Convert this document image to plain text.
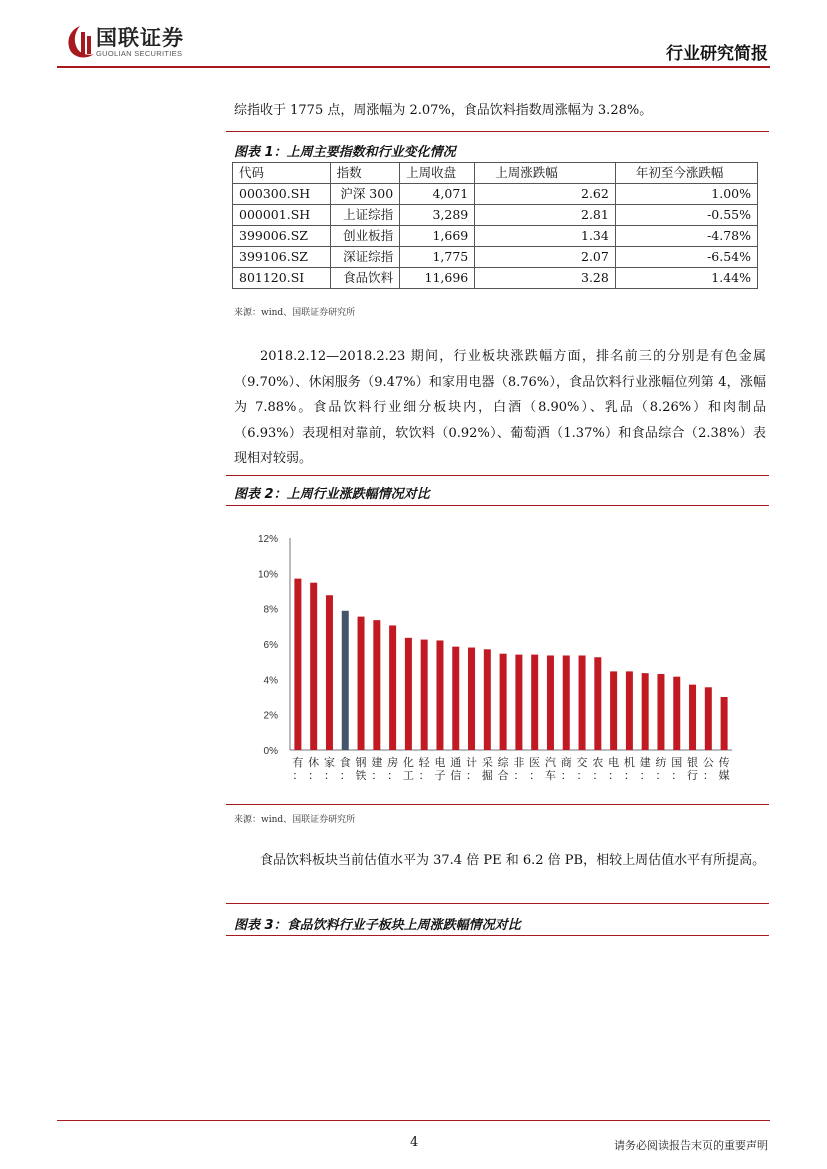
国联证券
GUOLIAN SECURITIES	行业研究简报
综指收于 1775 点，周涨幅为 2.07%，食品饮料指数周涨幅为 3.28%。
图表 1：上周主要指数和行业变化情况
代码	指数	上周收盘	上周涨跌幅	年初至今涨跌幅
000300.SH	沪深 300	4,071	2.62	1.00%
000001.SH	上证综指	3,289	2.81	-0.55%
399006.SZ	创业板指	1,669	1.34	-4.78%
399106.SZ	深证综指	1,775	2.07	-6.54%
801120.SI	食品饮料	11,696	3.28	1.44%
来源：wind、国联证券研究所
2018.2.12—2018.2.23 期间，行业板块涨跌幅方面，排名前三的分别是有色金属（9.70%）、休闲服务（9.47%）和家用电器（8.76%），食品饮料行业涨幅位列第 4，涨幅为 7.88%。食品饮料行业细分板块内，白酒（8.90%）、乳品（8.26%）和肉制品（6.93%）表现相对靠前，软饮料（0.92%）、葡萄酒（1.37%）和食品综合（2.38%）表现相对较弱。
图表 2：上周行业涨跌幅情况对比
0%
2%
4%
6%
8%
10%
12%
有
：
休
：
家
：
食
：
钢
铁
建
：
房
：
化
工
轻
：
电
子
通
信
计
：
采
掘
综
合
非
：
医
：
汽
车
商
：
交
：
农
：
电
：
机
：
建
：
纺
：
国
：
银
行
公
：
传
媒
来源：wind、国联证券研究所
食品饮料板块当前估值水平为 37.4 倍 PE 和 6.2 倍 PB，相较上周估值水平有所提高。
图表 3：食品饮料行业子板块上周涨跌幅情况对比
4	请务必阅读报告末页的重要声明
